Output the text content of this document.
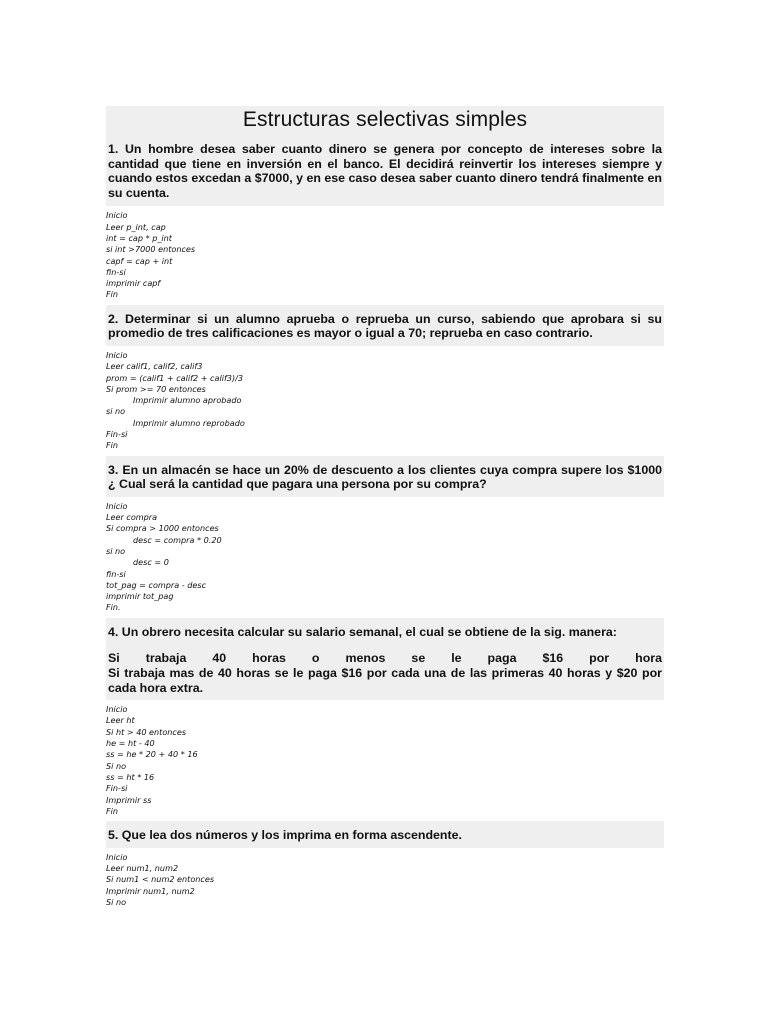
Estructuras selectivas simples

1. Un hombre desea saber cuanto dinero se genera por concepto de intereses sobre la cantidad que tiene en inversión en el banco. El decidirá reinvertir los intereses siempre y cuando estos excedan a $7000, y en ese caso desea saber cuanto dinero tendrá finalmente en su cuenta.

Inicio
Leer p_int, cap
int = cap * p_int
si int >7000 entonces
capf = cap + int
fin-si
imprimir capf
Fin

2. Determinar si un alumno aprueba o reprueba un curso, sabiendo que aprobara si su promedio de tres calificaciones es mayor o igual a 70; reprueba en caso contrario.

Inicio
Leer calif1, calif2, calif3
prom = (calif1 + calif2 + calif3)/3
Si prom >= 70 entonces
Imprimir alumno aprobado
si no
Imprimir alumno reprobado
Fin-si
Fin

3. En un almacén se hace un 20% de descuento a los clientes cuya compra supere los $1000 ¿ Cual será la cantidad que pagara una persona por su compra?

Inicio
Leer compra
Si compra > 1000 entonces
desc = compra * 0.20
si no
desc = 0
fin-si
tot_pag = compra - desc
imprimir tot_pag
Fin.

4. Un obrero necesita calcular su salario semanal, el cual se obtiene de la sig. manera:

Si trabaja 40 horas o menos se le paga $16 por hora

Si trabaja mas de 40 horas se le paga $16 por cada una de las primeras 40 horas y $20 por cada hora extra.

Inicio
Leer ht
Si ht > 40 entonces
he = ht - 40
ss = he * 20 + 40 * 16
Si no
ss = ht * 16
Fin-si
Imprimir ss
Fin

5. Que lea dos números y los imprima en forma ascendente.

Inicio
Leer num1, num2
Si num1 < num2 entonces
Imprimir num1, num2
Si no
